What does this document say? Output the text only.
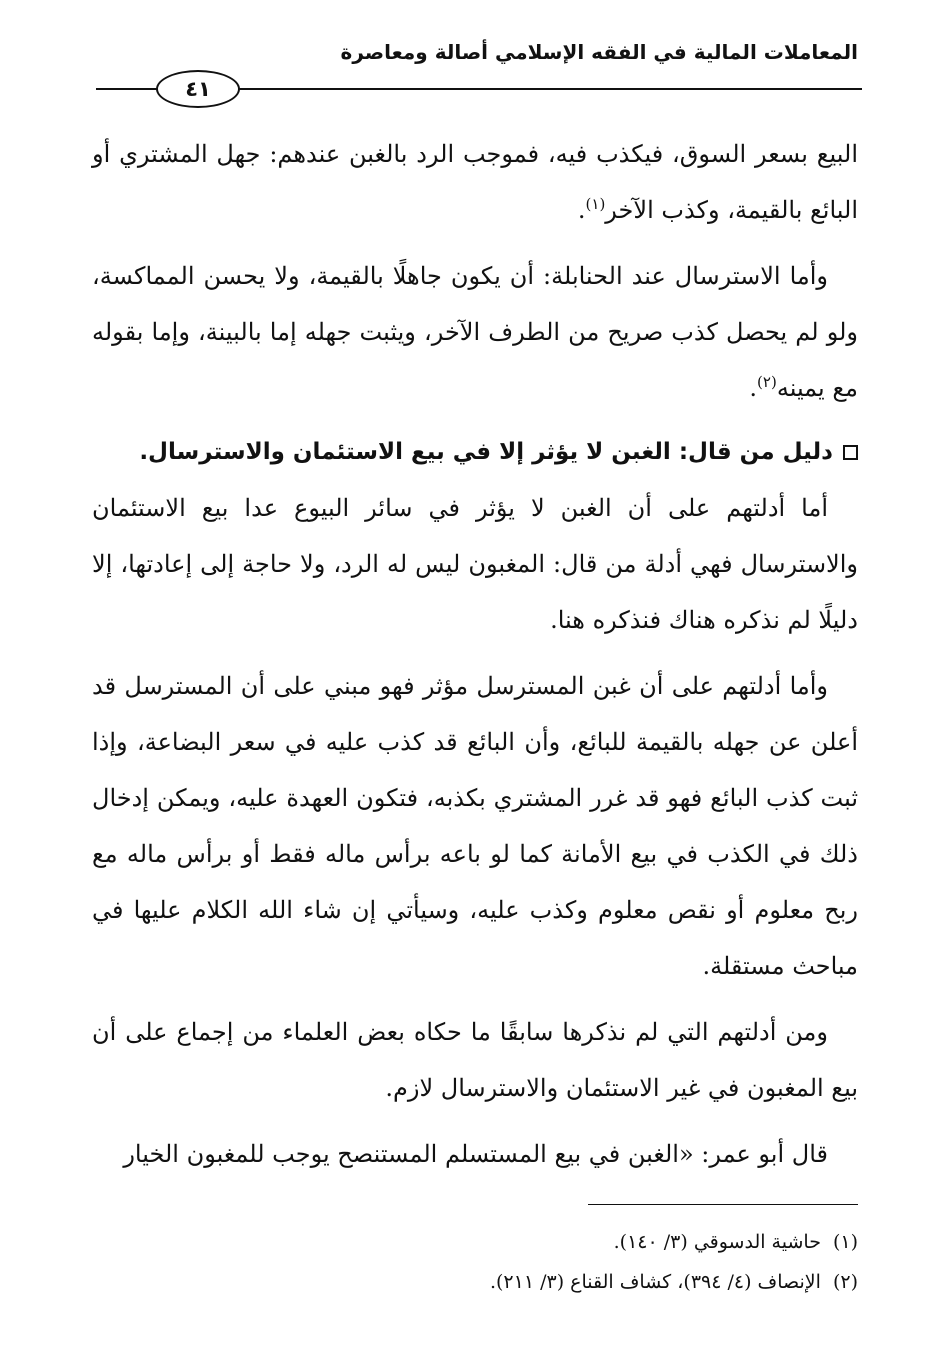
المعاملات المالية في الفقه الإسلامي أصالة ومعاصرة
٤١

البيع بسعر السوق، فيكذب فيه، فموجب الرد بالغبن عندهم: جهل المشتري أو البائع بالقيمة، وكذب الآخر$^{(١)}$.

وأما الاسترسال عند الحنابلة: أن يكون جاهلًا بالقيمة، ولا يحسن المماكسة، ولو لم يحصل كذب صريح من الطرف الآخر، ويثبت جهله إما بالبينة، وإما بقوله مع يمينه$^{(٢)}$.

دليل من قال: الغبن لا يؤثر إلا في بيع الاستئمان والاسترسال.

أما أدلتهم على أن الغبن لا يؤثر في سائر البيوع عدا بيع الاستئمان والاسترسال فهي أدلة من قال: المغبون ليس له الرد، ولا حاجة إلى إعادتها، إلا دليلًا لم نذكره هناك فنذكره هنا.

وأما أدلتهم على أن غبن المسترسل مؤثر فهو مبني على أن المسترسل قد أعلن عن جهله بالقيمة للبائع، وأن البائع قد كذب عليه في سعر البضاعة، وإذا ثبت كذب البائع فهو قد غرر المشتري بكذبه، فتكون العهدة عليه، ويمكن إدخال ذلك في الكذب في بيع الأمانة كما لو باعه برأس ماله فقط أو برأس ماله مع ربح معلوم أو نقص معلوم وكذب عليه، وسيأتي إن شاء الله الكلام عليها في مباحث مستقلة.

ومن أدلتهم التي لم نذكرها سابقًا ما حكاه بعض العلماء من إجماع على أن بيع المغبون في غير الاستئمان والاسترسال لازم.

قال أبو عمر: «الغبن في بيع المستسلم المستنصح يوجب للمغبون الخيار

(١)حاشية الدسوقي (٣/ ١٤٠).
(٢)الإنصاف (٤/ ٣٩٤)، كشاف القناع (٣/ ٢١١).
